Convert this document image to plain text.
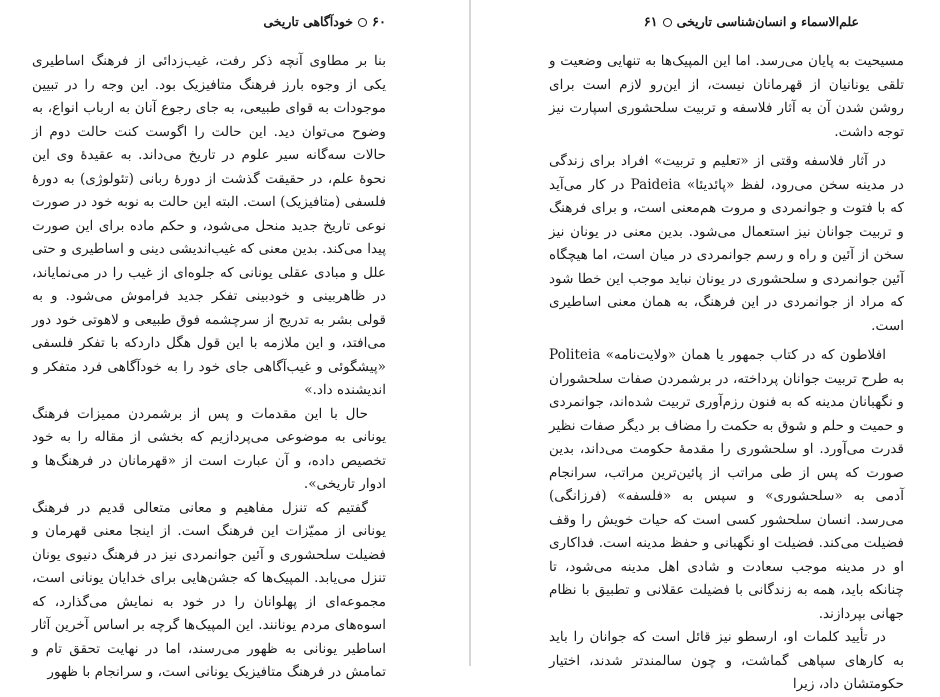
۶۰خودآگاهی تاریخی

بنا بر مطاوی آنچه ذکر رفت، غیب‌زدائی از فرهنگ اساطیری یکی از وجوه بارز فرهنگ متافیزیک بود. این وجه را در تبیین موجودات به قوای طبیعی، به جای رجوع آنان به ارباب انواع، به وضوح می‌توان دید. این حالت را اگوست کنت حالت دوم از حالات سه‌گانه سیر علوم در تاریخ می‌داند. به عقیدهٔ وی این نحوهٔ علم، در حقیقت گذشت از دورهٔ ربانی (تئولوژی) به دورهٔ فلسفی (متافیزیک) است. البته این حالت به نوبه خود در صورت نوعی تاریخ جدید منحل می‌شود، و حکم ماده برای این صورت پیدا می‌کند. بدین معنی که غیب‌اندیشی دینی و اساطیری و حتی علل و مبادی عقلی یونانی که جلوه‌ای از غیب را در می‌نمایاند، در ظاهربینی و خودبینی تفکر جدید فراموش می‌شود. و به قولی بشر به تدریج از سرچشمه فوق طبیعی و لاهوتی خود دور می‌افتد، و این ملازمه با این قول هگل داردکه با تفکر فلسفی «پیشگوئی و غیب‌آگاهی جای خود را به خودآگاهی فرد متفکر و اندیشنده داد.»

حال با این مقدمات و پس از برشمردن ممیزات فرهنگ یونانی به موضوعی می‌پردازیم که بخشی از مقاله را به خود تخصیص داده، و آن عبارت است از «قهرمانان در فرهنگ‌ها و ادوار تاریخی».

گفتیم که تنزل مفاهیم و معانی متعالی قدیم در فرهنگ یونانی از ممیّزات این فرهنگ است. از اینجا معنی قهرمان و فضیلت سلحشوری و آئین جوانمردی نیز در فرهنگ دنیوی یونان تنزل می‌یابد. المپیک‌ها که جشن‌هایی برای خدایان یونانی است، مجموعه‌ای از پهلوانان را در خود به نمایش می‌گذارد، که اسوه‌های مردم یونانند. این المپیک‌ها گرچه بر اساس آخرین آثار اساطیر یونانی به ظهور می‌رسند، اما در نهایت تحقق تام و تمامش در فرهنگ متافیزیک یونانی است، و سرانجام با ظهور

علم‌الاسماء و انسان‌شناسی تاریخی۶۱

مسیحیت به پایان می‌رسد. اما این المپیک‌ها به تنهایی وضعیت و تلقی یونانیان از قهرمانان نیست، از این‌رو لازم است برای روشن شدن آن به آثار فلاسفه و تربیت سلحشوری اسپارت نیز توجه داشت.

در آثار فلاسفه وقتی از «تعلیم و تربیت» افراد برای زندگی در مدینه سخن می‌رود، لفظ «پائدیئا» Paideia در کار می‌آید که با فتوت و جوانمردی و مروت هم‌معنی است، و برای فرهنگ و تربیت جوانان نیز استعمال می‌شود. بدین معنی در یونان نیز سخن از آئین و راه و رسم جوانمردی در میان است، اما هیچگاه آئین جوانمردی و سلحشوری در یونان نباید موجب این خطا شود که مراد از جوانمردی در این فرهنگ، به همان معنی اساطیری است.

افلاطون که در کتاب جمهور یا همان «ولایت‌نامه» Politeia به طرح تربیت جوانان پرداخته، در برشمردن صفات سلحشوران و نگهبانان مدینه که به فنون رزم‌آوری تربیت شده‌اند، جوانمردی و حمیت و حلم و شوق به حکمت را مضاف بر دیگر صفات نظیر قدرت می‌آورد. او سلحشوری را مقدمهٔ حکومت می‌داند، بدین صورت که پس از طی مراتب از پائین‌ترین مراتب، سرانجام آدمی به «سلحشوری» و سپس به «فلسفه» (فرزانگی) می‌رسد. انسان سلحشور کسی است که حیات خویش را وقف فضیلت می‌کند. فضیلت او نگهبانی و حفظ مدینه است. فداکاری او در مدینه موجب سعادت و شادی اهل مدینه می‌شود، تا چنانکه باید، همه به زندگانی با فضیلت عقلانی و تطبیق با نظام جهانی بپردازند.

در تأیید کلمات او، ارسطو نیز قائل است که جوانان را باید به کارهای سپاهی گماشت، و چون سالمندتر شدند، اختیار حکومتشان داد، زیرا
